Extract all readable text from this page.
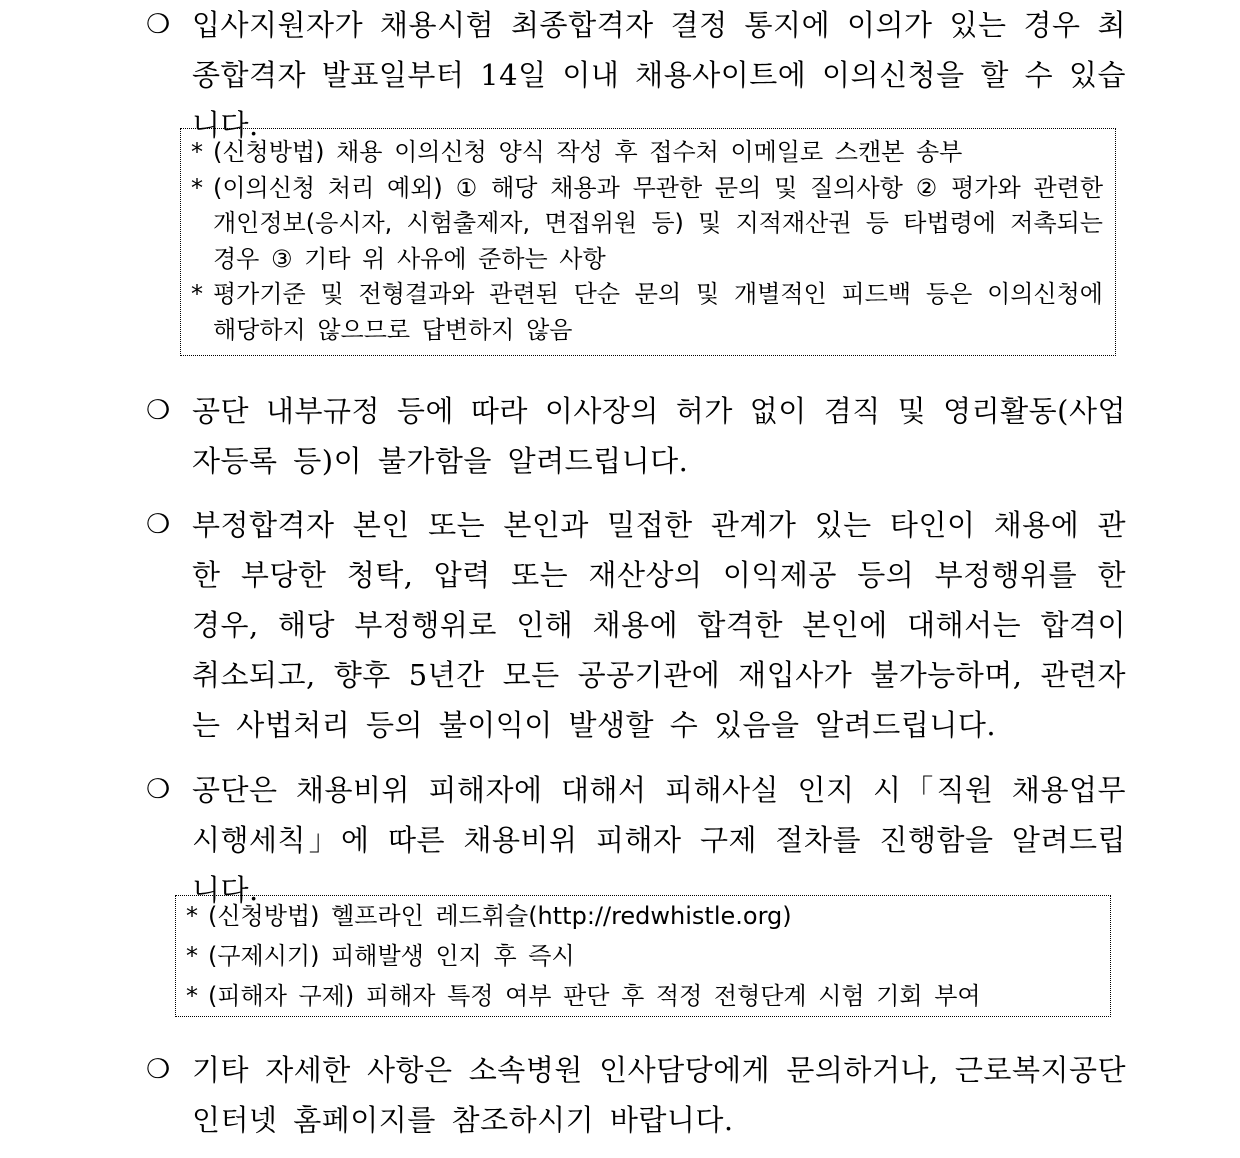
❍ 입사지원자가 채용시험 최종합격자 결정 통지에 이의가 있는 경우 최종합격자 발표일부터 14일 이내 채용사이트에 이의신청을 할 수 있습니다.
* (신청방법) 채용 이의신청 양식 작성 후 접수처 이메일로 스캔본 송부
* (이의신청 처리 예외) ① 해당 채용과 무관한 문의 및 질의사항 ② 평가와 관련한 개인정보(응시자, 시험출제자, 면접위원 등) 및 지적재산권 등 타법령에 저촉되는 경우 ③ 기타 위 사유에 준하는 사항
* 평가기준 및 전형결과와 관련된 단순 문의 및 개별적인 피드백 등은 이의신청에 해당하지 않으므로 답변하지 않음
❍ 공단 내부규정 등에 따라 이사장의 허가 없이 겸직 및 영리활동(사업자등록 등)이 불가함을 알려드립니다.
❍ 부정합격자 본인 또는 본인과 밀접한 관계가 있는 타인이 채용에 관한 부당한 청탁, 압력 또는 재산상의 이익제공 등의 부정행위를 한 경우, 해당 부정행위로 인해 채용에 합격한 본인에 대해서는 합격이 취소되고, 향후 5년간 모든 공공기관에 재입사가 불가능하며, 관련자는 사법처리 등의 불이익이 발생할 수 있음을 알려드립니다.
❍ 공단은 채용비위 피해자에 대해서 피해사실 인지 시「직원 채용업무 시행세칙」에 따른 채용비위 피해자 구제 절차를 진행함을 알려드립니다.
* (신청방법) 헬프라인 레드휘슬(http://redwhistle.org)
* (구제시기) 피해발생 인지 후 즉시
* (피해자 구제) 피해자 특정 여부 판단 후 적정 전형단계 시험 기회 부여
❍ 기타 자세한 사항은 소속병원 인사담당에게 문의하거나, 근로복지공단 인터넷 홈페이지를 참조하시기 바랍니다.
